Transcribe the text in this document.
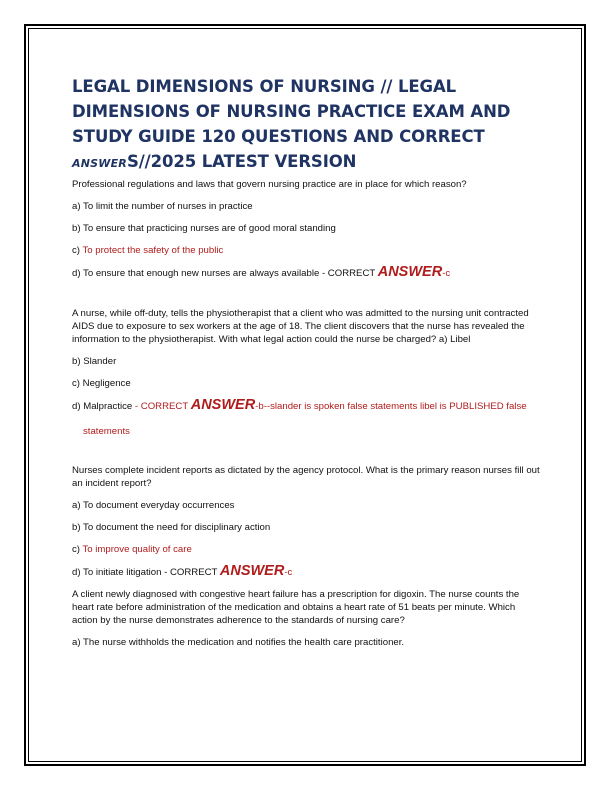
LEGAL DIMENSIONS OF NURSING // LEGAL DIMENSIONS OF NURSING PRACTICE EXAM AND STUDY GUIDE 120 QUESTIONS AND CORRECT ANSWERS//2025 LATEST VERSION

Professional regulations and laws that govern nursing practice are in place for which reason?

a) To limit the number of nurses in practice

b) To ensure that practicing nurses are of good moral standing

c) To protect the safety of the public

d) To ensure that enough new nurses are always available - CORRECT ANSWER-c

A nurse, while off-duty, tells the physiotherapist that a client who was admitted to the nursing unit contracted AIDS due to exposure to sex workers at the age of 18. The client discovers that the nurse has revealed the information to the physiotherapist. With what legal action could the nurse be charged? a) Libel

b) Slander

c) Negligence

d) Malpractice - CORRECT ANSWER-b--slander is spoken false statements libel is PUBLISHED false

statements

Nurses complete incident reports as dictated by the agency protocol. What is the primary reason nurses fill out an incident report?

a) To document everyday occurrences

b) To document the need for disciplinary action

c) To improve quality of care

d) To initiate litigation - CORRECT ANSWER-c

A client newly diagnosed with congestive heart failure has a prescription for digoxin. The nurse counts the heart rate before administration of the medication and obtains a heart rate of 51 beats per minute. Which action by the nurse demonstrates adherence to the standards of nursing care?

a) The nurse withholds the medication and notifies the health care practitioner.
